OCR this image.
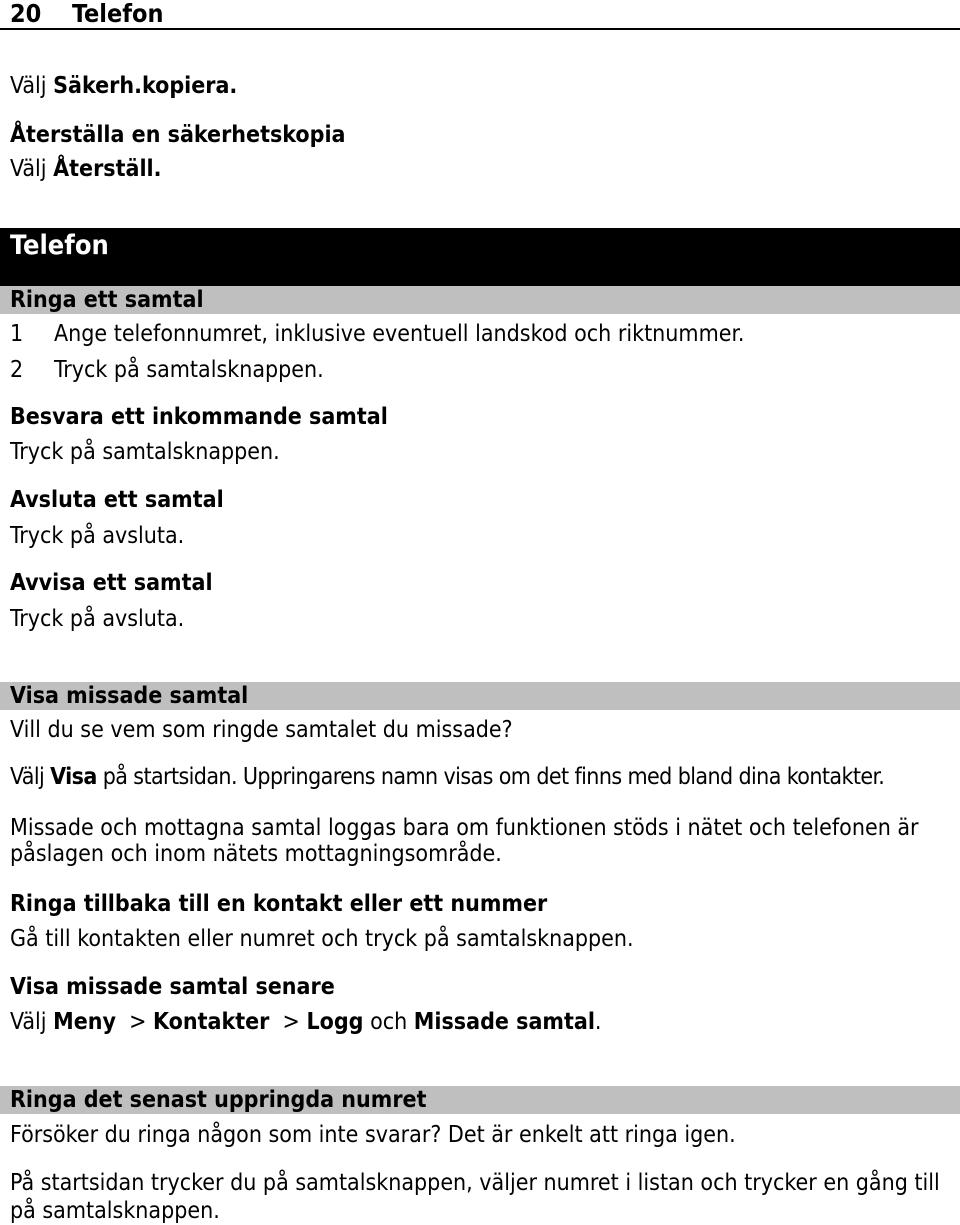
20 Telefon
Välj Säkerh.kopiera.
Återställa en säkerhetskopia
Välj Återställ.
Telefon
Ringa ett samtal
1 Ange telefonnumret, inklusive eventuell landskod och riktnummer.
2 Tryck på samtalsknappen.
Besvara ett inkommande samtal
Tryck på samtalsknappen.
Avsluta ett samtal
Tryck på avsluta.
Avvisa ett samtal
Tryck på avsluta.
Visa missade samtal
Vill du se vem som ringde samtalet du missade?
Välj Visa på startsidan. Uppringarens namn visas om det finns med bland dina kontakter.
Missade och mottagna samtal loggas bara om funktionen stöds i nätet och telefonen är påslagen och inom nätets mottagningsområde.
Ringa tillbaka till en kontakt eller ett nummer
Gå till kontakten eller numret och tryck på samtalsknappen.
Visa missade samtal senare
Välj Meny  > Kontakter  > Logg och Missade samtal.
Ringa det senast uppringda numret
Försöker du ringa någon som inte svarar? Det är enkelt att ringa igen.
På startsidan trycker du på samtalsknappen, väljer numret i listan och trycker en gång till på samtalsknappen.
